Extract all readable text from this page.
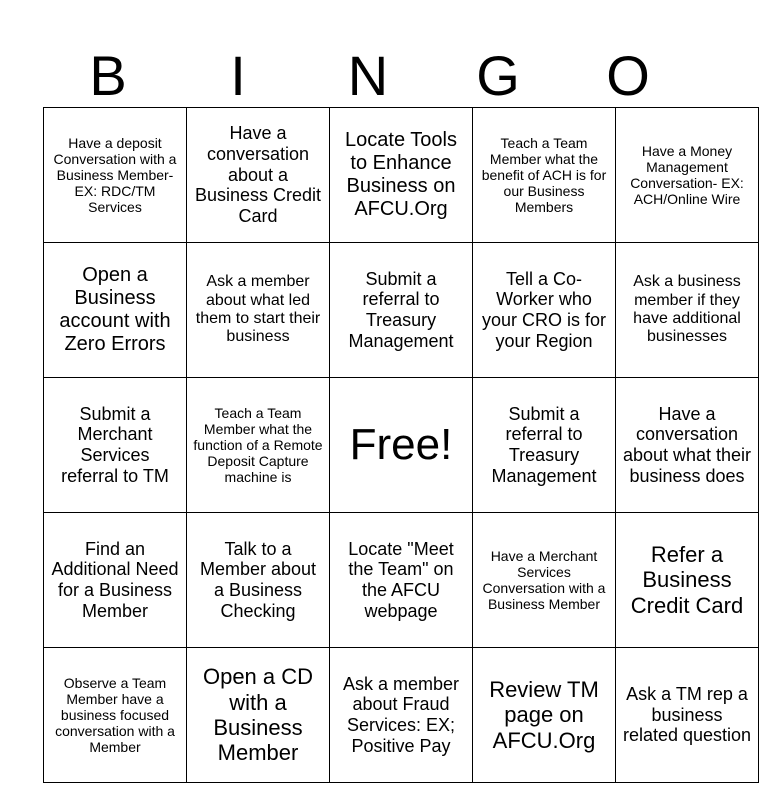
B	I	N	G	O
Have a deposit Conversation with a Business Member- EX: RDC/TM Services	Have a conversation about a Business Credit Card	Locate Tools to Enhance Business on AFCU.Org	Teach a Team Member what the benefit of ACH is for our Business Members	Have a Money Management Conversation- EX: ACH/Online Wire
Open a Business account with Zero Errors	Ask a member about what led them to start their business	Submit a referral to Treasury Management	Tell a Co-Worker who your CRO is for your Region	Ask a business member if they have additional businesses
Submit a Merchant Services referral to TM	Teach a Team Member what the function of a Remote Deposit Capture machine is	Free!	Submit a referral to Treasury Management	Have a conversation about what their business does
Find an Additional Need for a Business Member	Talk to a Member about a Business Checking	Locate "Meet the Team" on the AFCU webpage	Have a Merchant Services Conversation with a Business Member	Refer a Business Credit Card
Observe a Team Member have a business focused conversation with a Member	Open a CD with a Business Member	Ask a member about Fraud Services: EX; Positive Pay	Review TM page on AFCU.Org	Ask a TM rep a business related question
